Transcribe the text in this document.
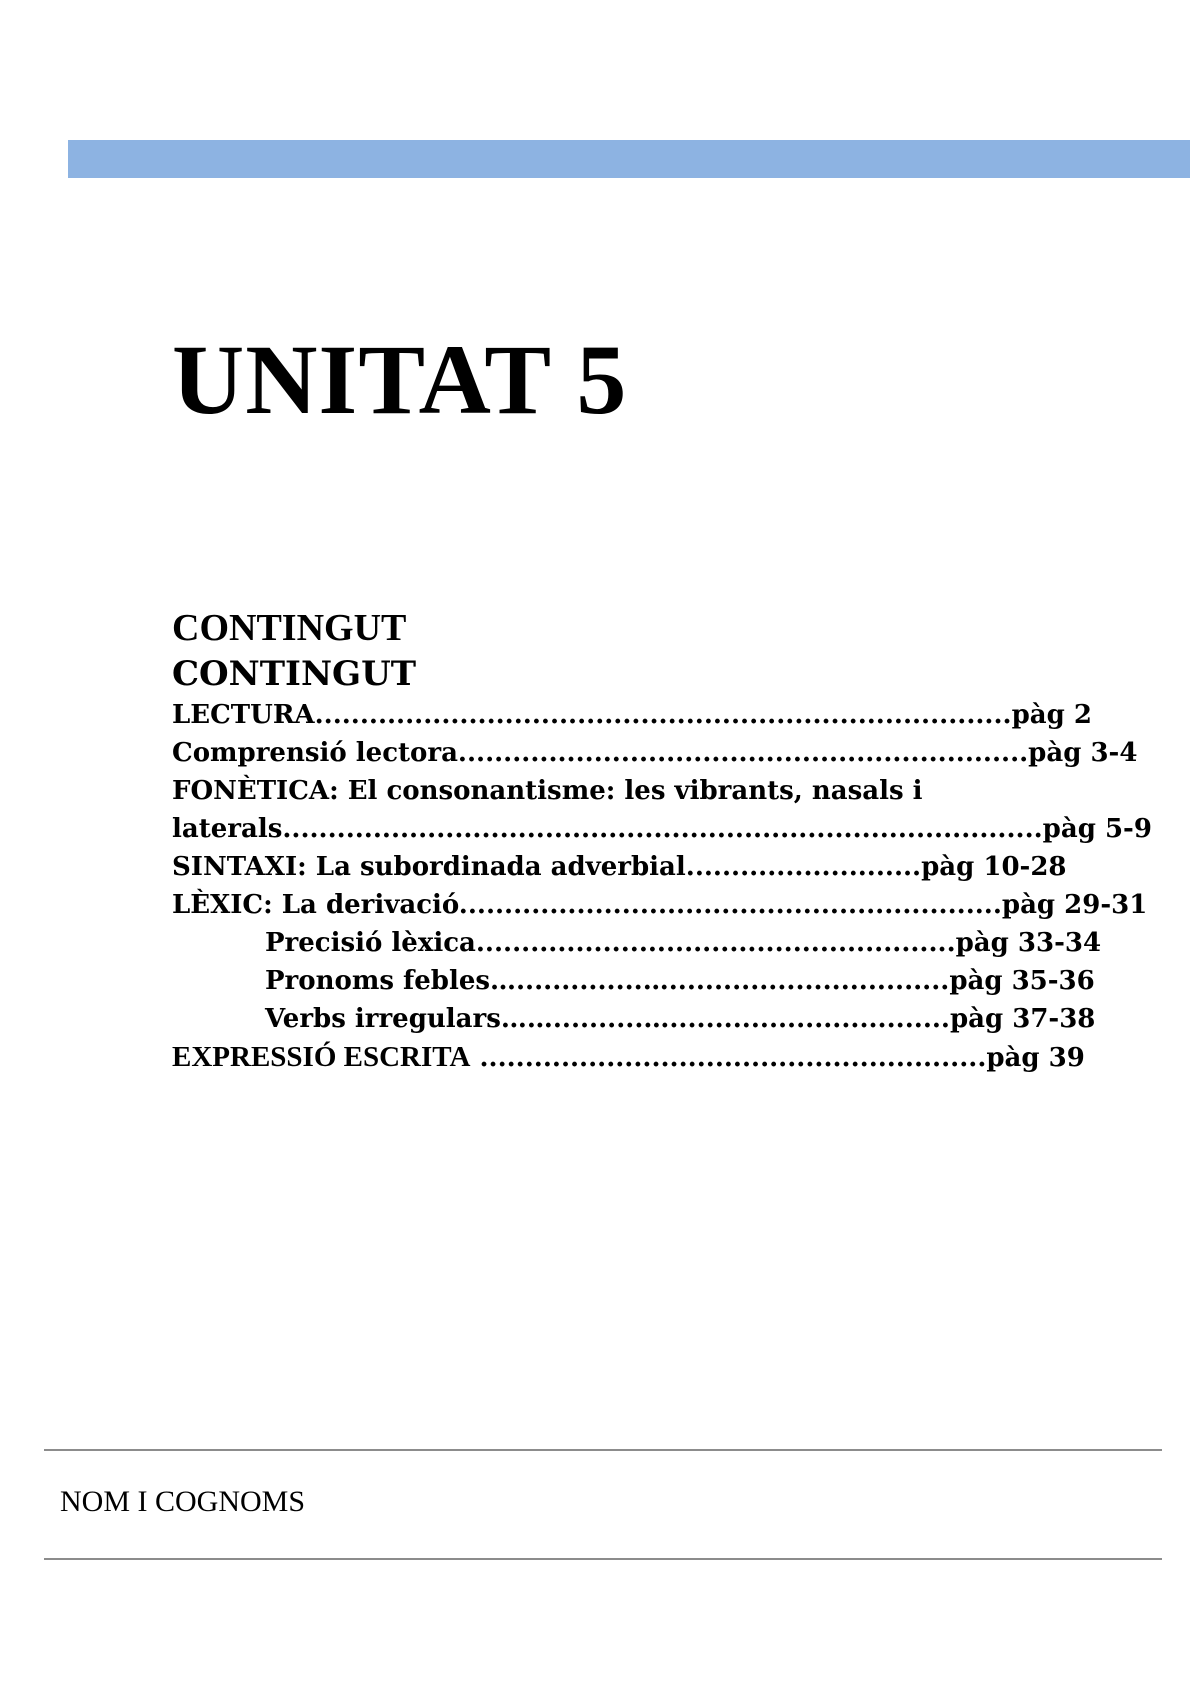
UNITAT 5
CONTINGUT
CONTINGUT
LECTURA.............................................................................pàg 2
Comprensió lectora...............................................................pàg 3-4
FONÈTICA: El consonantisme: les vibrants, nasals i
laterals....................................................................................pàg 5-9
SINTAXI: La subordinada adverbial..........................pàg 10-28
LÈXIC: La derivació............................................................pàg 29-31
Precisió lèxica.....................................................pàg 33-34
Pronoms febles…..............…...............................pàg 35-36
Verbs irregulars……..........…...............................pàg 37-38
EXPRESSIÓ ESCRITA ........................................................pàg 39
NOM I COGNOMS
